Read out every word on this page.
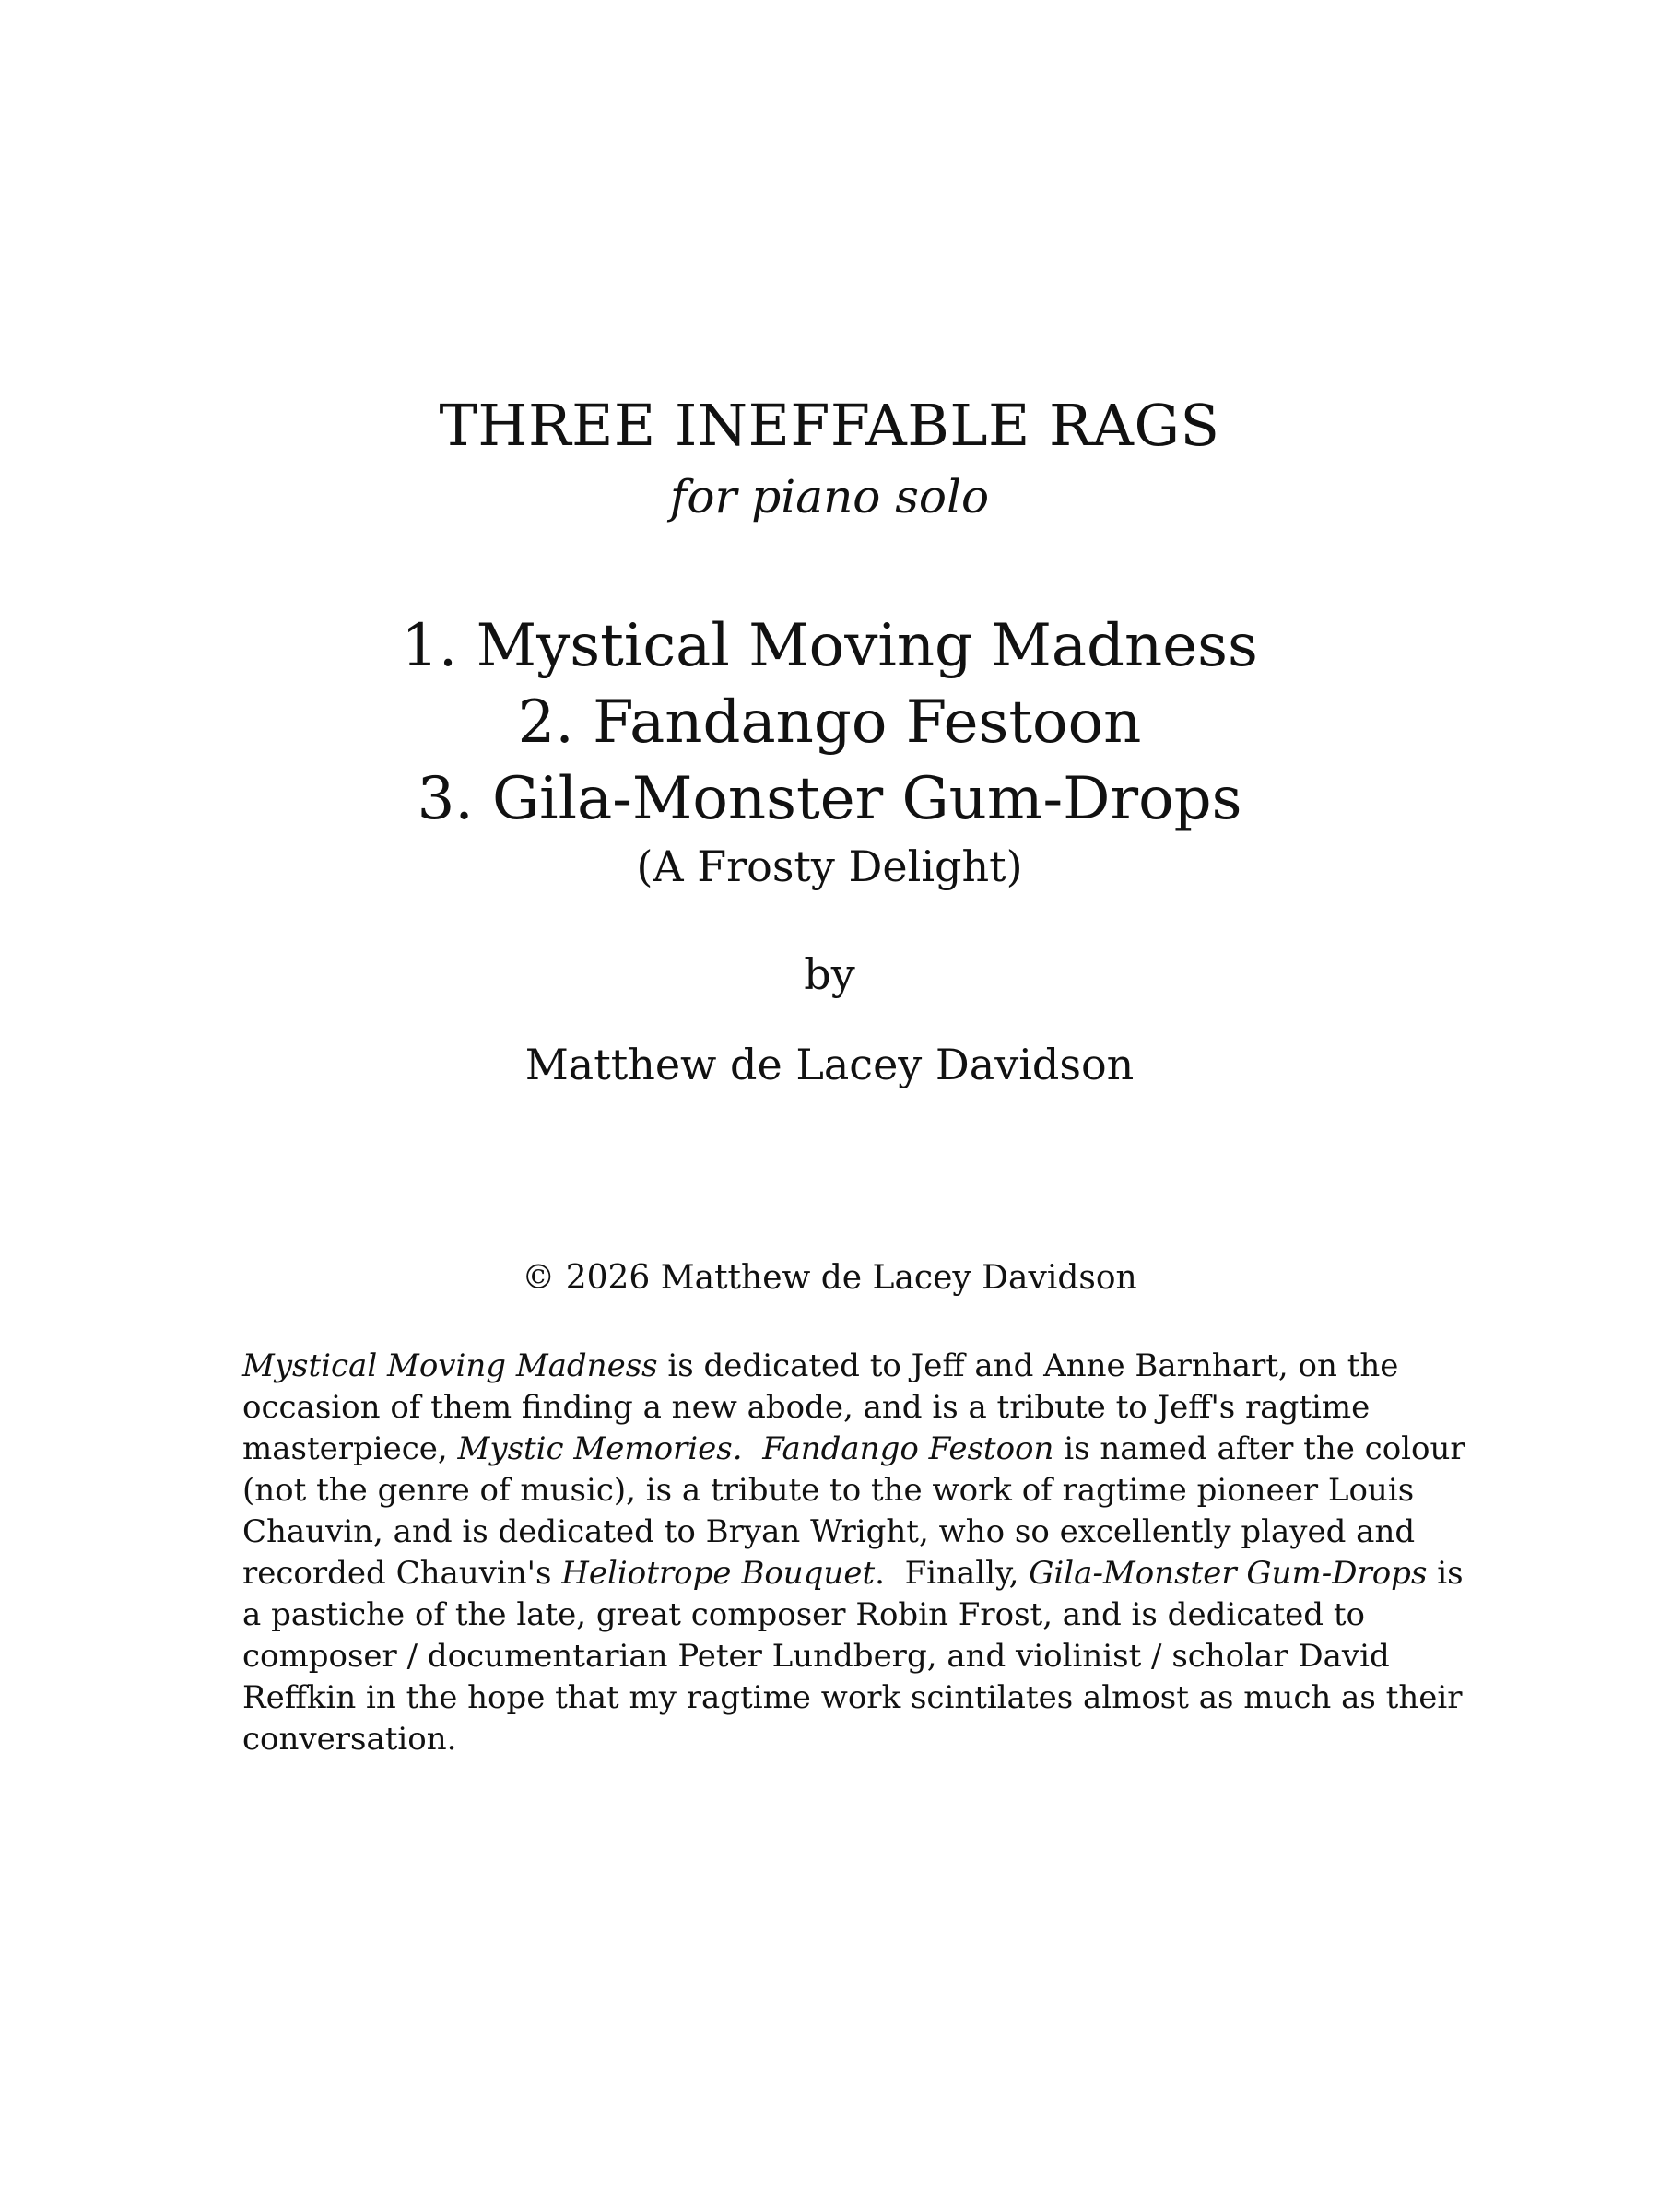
THREE INEFFABLE RAGS
for piano solo
1. Mystical Moving Madness
2. Fandango Festoon
3. Gila-Monster Gum-Drops
(A Frosty Delight)
by
Matthew de Lacey Davidson
© 2026 Matthew de Lacey Davidson

Mystical Moving Madness is dedicated to Jeff and Anne Barnhart, on the
occasion of them finding a new abode, and is a tribute to Jeff's ragtime
masterpiece, Mystic Memories. Fandango Festoon is named after the colour
(not the genre of music), is a tribute to the work of ragtime pioneer Louis
Chauvin, and is dedicated to Bryan Wright, who so excellently played and
recorded Chauvin's Heliotrope Bouquet.  Finally, Gila-Monster Gum-Drops is
a pastiche of the late, great composer Robin Frost, and is dedicated to
composer / documentarian Peter Lundberg, and violinist / scholar David
Reffkin in the hope that my ragtime work scintilates almost as much as their
conversation.
